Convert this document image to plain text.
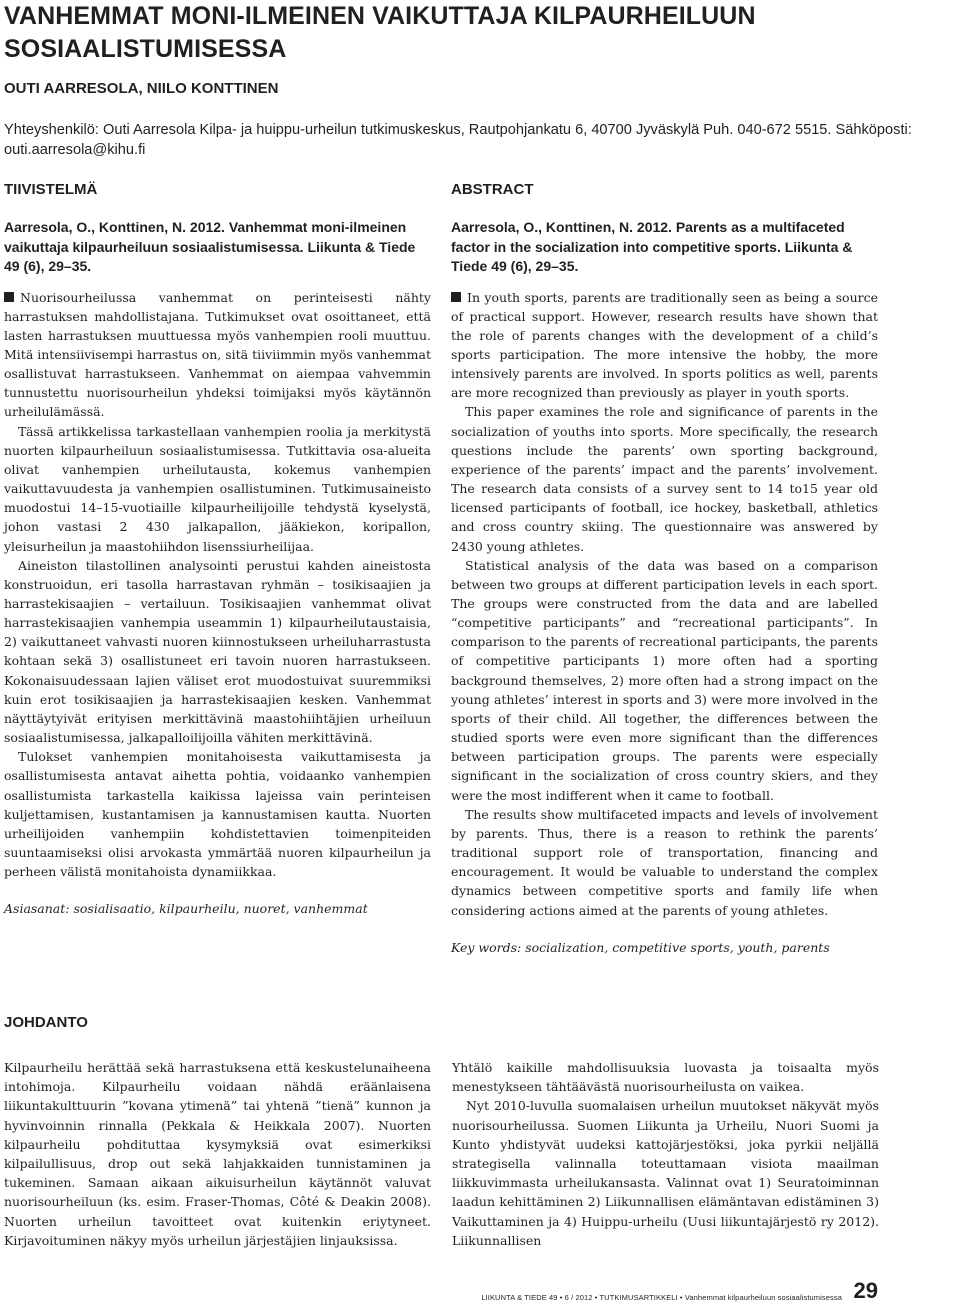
VANHEMMAT MONI-ILMEINEN VAIKUTTAJA KILPAURHEILUUN SOSIAALISTUMISESSA
OUTI AARRESOLA, NIILO KONTTINEN
Yhteyshenkilö: Outi Aarresola Kilpa- ja huippu-urheilun tutkimuskeskus, Rautpohjankatu 6, 40700 Jyväskylä Puh. 040-672 5515. Sähköposti: outi.aarresola@kihu.fi
TIIVISTELMÄ
Aarresola, O., Konttinen, N. 2012. Vanhemmat moni-ilmeinen vaikuttaja kilpaurheiluun sosiaalistumisessa. Liikunta & Tiede 49 (6), 29–35.

Nuorisourheilussa vanhemmat on perinteisesti nähty harrastuksen mahdollistajana. Tutkimukset ovat osoittaneet, että lasten harrastuksen muuttuessa myös vanhempien rooli muuttuu. Mitä intensiivisempi harrastus on, sitä tiiviimmin myös vanhemmat osallistuvat harrastukseen. Vanhemmat on aiempaa vahvemmin tunnustettu nuorisourheilun yhdeksi toimijaksi myös käytännön urheilulämässä.

Tässä artikkelissa tarkastellaan vanhempien roolia ja merkitystä nuorten kilpaurheiluun sosiaalistumisessa. Tutkittavia osa-alueita olivat vanhempien urheilutausta, kokemus vanhempien vaikuttavuudesta ja vanhempien osallistuminen. Tutkimusaineisto muodostui 14–15-vuotiaille kilpaurheilijoille tehdystä kyselystä, johon vastasi 2 430 jalkapallon, jääkiekon, koripallon, yleisurheilun ja maastohiihdon lisenssiurheilijaa.

Aineiston tilastollinen analysointi perustui kahden aineistosta konstruoidun, eri tasolla harrastavan ryhmän – tosikisaajien ja harrastekisaajien – vertailuun. Tosikisaajien vanhemmat olivat harrastekisaajien vanhempia useammin 1) kilpaurheilutaustaisia, 2) vaikuttaneet vahvasti nuoren kiinnostukseen urheiluharrastusta kohtaan sekä 3) osallistuneet eri tavoin nuoren harrastukseen. Kokonaisuudessaan lajien väliset erot muodostuivat suuremmiksi kuin erot tosikisaajien ja harrastekisaajien kesken. Vanhemmat näyttäytyivät erityisen merkittävinä maastohiihtäjien urheiluun sosiaalistumisessa, jalkapalloilijoilla vähiten merkittävinä.

Tulokset vanhempien monitahoisesta vaikuttamisesta ja osallistumisesta antavat aihetta pohtia, voidaanko vanhempien osallistumista tarkastella kaikissa lajeissa vain perinteisen kuljettamisen, kustantamisen ja kannustamisen kautta. Nuorten urheilijoiden vanhempiin kohdistettavien toimenpiteiden suuntaamiseksi olisi arvokasta ymmärtää nuoren kilpaurheilun ja perheen välistä monitahoista dynamiikkaa.

Asiasanat: sosialisaatio, kilpaurheilu, nuoret, vanhemmat
ABSTRACT
Aarresola, O., Konttinen, N. 2012. Parents as a multifaceted factor in the socialization into competitive sports. Liikunta & Tiede 49 (6), 29–35.

In youth sports, parents are traditionally seen as being a source of practical support. However, research results have shown that the role of parents changes with the development of a child’s sports participation. The more intensive the hobby, the more intensively parents are involved. In sports politics as well, parents are more recognized than previously as player in youth sports.

This paper examines the role and significance of parents in the socialization of youths into sports. More specifically, the research questions include the parents’ own sporting background, experience of the parents’ impact and the parents’ involvement. The research data consists of a survey sent to 14 to15 year old licensed participants of football, ice hockey, basketball, athletics and cross country skiing. The questionnaire was answered by 2430 young athletes.

Statistical analysis of the data was based on a comparison between two groups at different participation levels in each sport. The groups were constructed from the data and are labelled “competitive participants” and “recreational participants”. In comparison to the parents of recreational participants, the parents of competitive participants 1) more often had a sporting background themselves, 2) more often had a strong impact on the young athletes’ interest in sports and 3) were more involved in the sports of their child. All together, the differences between the studied sports were even more significant than the differences between participation groups. The parents were especially significant in the socialization of cross country skiers, and they were the most indifferent when it came to football.

The results show multifaceted impacts and levels of involvement by parents. Thus, there is a reason to rethink the parents’ traditional support role of transportation, financing and encouragement. It would be valuable to understand the complex dynamics between competitive sports and family life when considering actions aimed at the parents of young athletes.

Key words: socialization, competitive sports, youth, parents
JOHDANTO

Kilpaurheilu herättää sekä harrastuksena että keskustelunaiheena intohimoja. Kilpaurheilu voidaan nähdä eräänlaisena liikuntakulttuurin ”kovana ytimenä” tai yhtenä ”tienä” kunnon ja hyvinvoinnin rinnalla (Pekkala & Heikkala 2007). Nuorten kilpaurheilu pohdituttaa kysymyksiä ovat esimerkiksi kilpailullisuus, drop out sekä lahjakkaiden tunnistaminen ja tukeminen. Samaan aikaan aikuisurheilun käytännöt valuvat nuorisourheiluun (ks. esim. Fraser-Thomas, Côté & Deakin 2008). Nuorten urheilun tavoitteet ovat kuitenkin eriytyneet. Kirjavoituminen näkyy myös urheilun järjestäjien linjauksissa.

Yhtälö kaikille mahdollisuuksia luovasta ja toisaalta myös menestykseen tähtäävästä nuorisourheilusta on vaikea.

Nyt 2010-luvulla suomalaisen urheilun muutokset näkyvät myös nuorisourheilussa. Suomen Liikunta ja Urheilu, Nuori Suomi ja Kunto yhdistyvät uudeksi kattojärjestöksi, joka pyrkii neljällä strategisella valinnalla toteuttamaan visiota maailman liikkuvimmasta urheilukansasta. Valinnat ovat 1) Seuratoiminnan laadun kehittäminen 2) Liikunnallisen elämäntavan edistäminen 3) Vaikuttaminen ja 4) Huippu-urheilu (Uusi liikuntajärjestö ry 2012). Liikunnallisen

LIIKUNTA & TIEDE 49 • 6 / 2012 • TUTKIMUSARTIKKELI • Vanhemmat kilpaurheiluun sosiaalistumisessa 29
